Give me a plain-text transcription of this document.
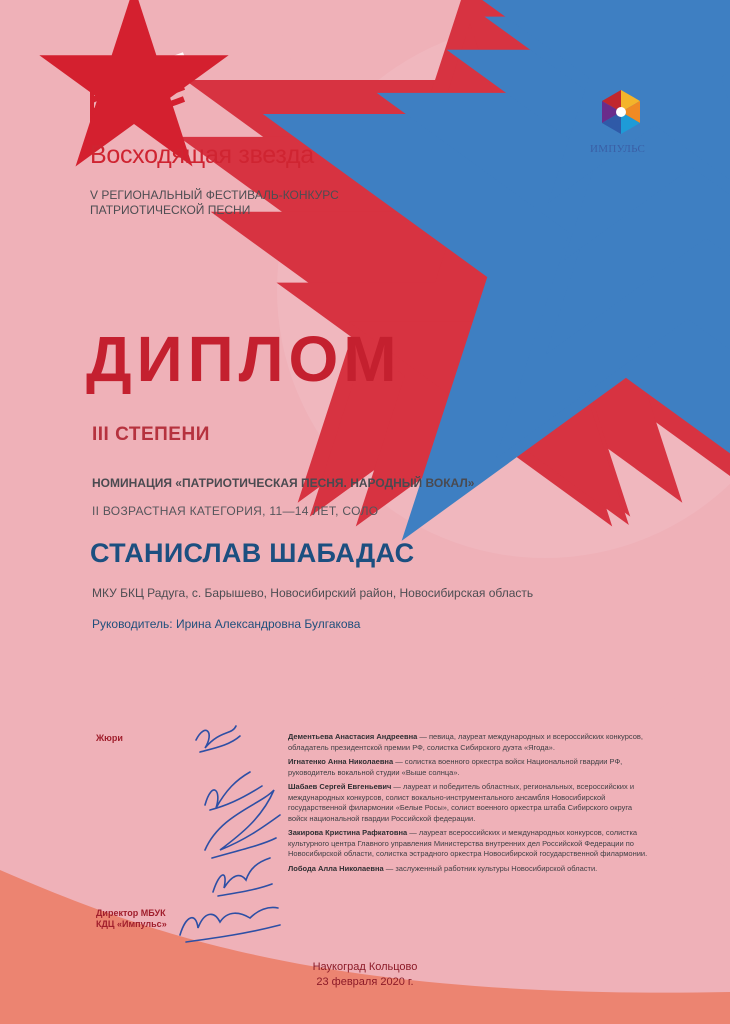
Восходящая звезда
V РЕГИОНАЛЬНЫЙ ФЕСТИВАЛЬ-КОНКУРС
ПАТРИОТИЧЕСКОЙ ПЕСНИ
ИМПУЛЬС
ДИПЛОМ
III СТЕПЕНИ
НОМИНАЦИЯ «ПАТРИОТИЧЕСКАЯ ПЕСНЯ. НАРОДНЫЙ ВОКАЛ»
II ВОЗРАСТНАЯ КАТЕГОРИЯ, 11—14 ЛЕТ, СОЛО
СТАНИСЛАВ ШАБАДАС
МКУ БКЦ Радуга, с. Барышево, Новосибирский район, Новосибирская область
Руководитель: Ирина Александровна Булгакова
Жюри	Дементьева Анастасия Андреевна — певица, лауреат международных и всероссийских конкурсов, обладатель президентской премии РФ, солистка Сибирского дуэта «Ягода».
Игнатенко Анна Николаевна — солистка военного оркестра войск Национальной гвардии РФ, руководитель вокальной студии «Выше солнца».
Шабаев Сергей Евгеньевич — лауреат и победитель областных, региональных, всероссийских и международных конкурсов, солист вокально-инструментального ансамбля Новосибирской государственной филармонии «Белые Росы», солист военного оркестра штаба Сибирского округа войск национальной гвардии Российской федерации.
Закирова Кристина Рафкатовна — лауреат всероссийских и международных конкурсов, солистка культурного центра Главного управления Министерства внутренних дел Российской Федерации по Новосибирской области, солистка эстрадного оркестра Новосибирской государственной филармонии.
Лобода Алла Николаевна — заслуженный работник культуры Новосибирской области.
Директор МБУК
КДЦ «Импульс»
Наукоград Кольцово
23 февраля 2020 г.
